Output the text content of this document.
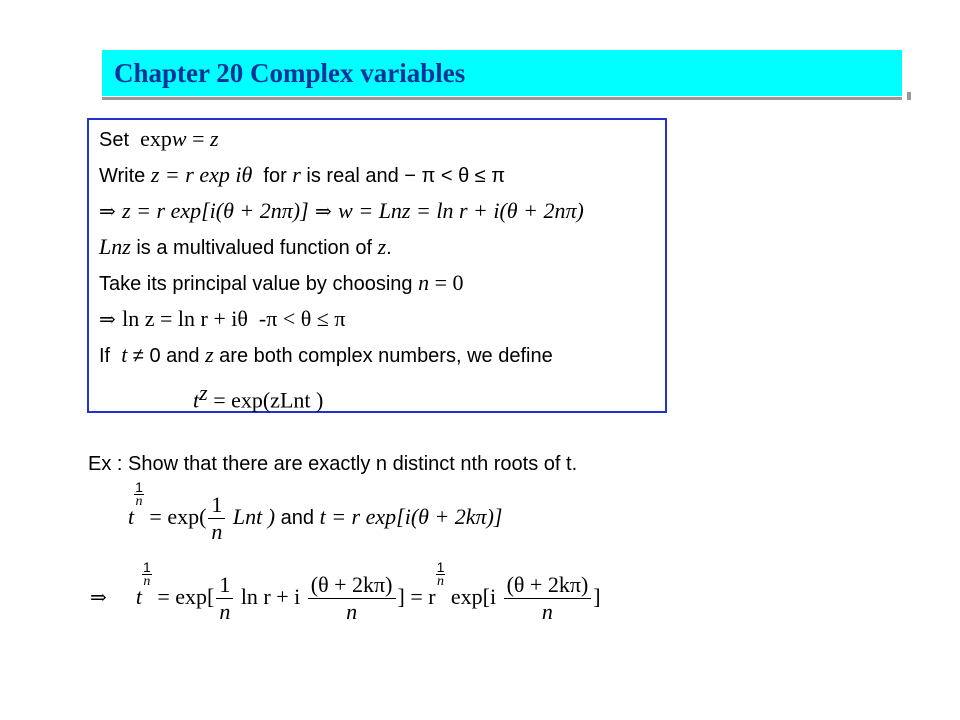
Chapter 20 Complex variables
Set  expw = z
Write z = r exp iθ  for r is real and − π < θ ≤ π
⇒ z = r exp[i(θ + 2nπ)] ⇒ w = Lnz = ln r + i(θ + 2nπ)
Lnz is a multivalued function of z.
Take its principal value by choosing n = 0
⇒ ln z = ln r + iθ  -π < θ ≤ π
If  t ≠ 0 and z are both complex numbers, we define
$t^z$ = exp(zLnt )
Ex : Show that there are exactly n distinct nth roots of t.
t
$\frac{1}{n}$
= $\exp( \frac{1}{n}$ Lnt ) and t = r exp[i(θ + 2kπ)]
⇒ t
$\frac{1}{n}$
= $\exp[ \frac{1}{n}$ ln r + i $\frac{(\theta + 2k\pi)}{n}$ ] = r
$\frac{1}{n}$
$\exp[i \frac{(\theta + 2k\pi)}{n}$ ]
